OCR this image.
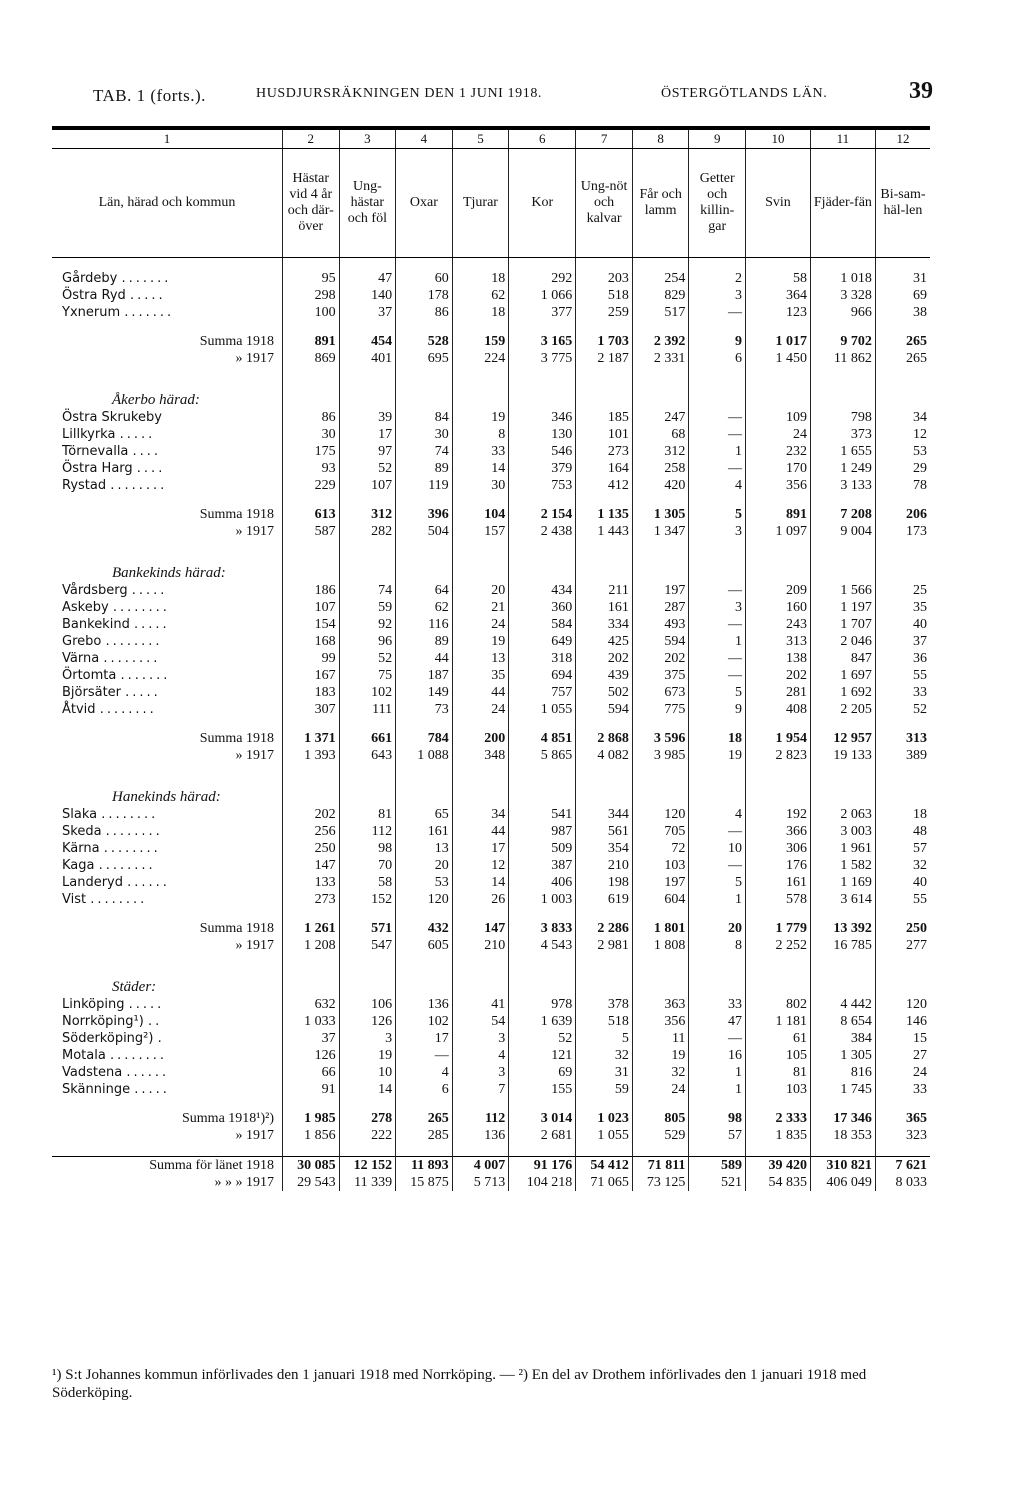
TAB. 1 (forts.).	HUSDJURSRÄKNINGEN DEN 1 JUNI 1918.	ÖSTERGÖTLANDS LÄN.	39
1	2	3	4	5	6	7	8	9	10	11	12
Län, härad och kommun	Hästar vid 4 år och där-över	Ung-hästar och föl	Oxar	Tjurar	Kor	Ung-nöt och kalvar	Får och lamm	Getter och killin-gar	Svin	Fjäder-fän	Bi-sam-häl-len

Gårdeby .......	95	47	60	18	292	203	254	2	58	1 018	31
Östra Ryd .....	298	140	178	62	1 066	518	829	3	364	3 328	69
Yxnerum .......	100	37	86	18	377	259	517	—	123	966	38

Summa 1918	891	454	528	159	3 165	1 703	2 392	9	1 017	9 702	265
» 1917	869	401	695	224	3 775	2 187	2 331	6	1 450	11 862	265
Åkerbo härad:											
Östra Skrukeby	86	39	84	19	346	185	247	—	109	798	34
Lillkyrka .....	30	17	30	8	130	101	68	—	24	373	12
Törnevalla ....	175	97	74	33	546	273	312	1	232	1 655	53
Östra Harg ....	93	52	89	14	379	164	258	—	170	1 249	29
Rystad ........	229	107	119	30	753	412	420	4	356	3 133	78

Summa 1918	613	312	396	104	2 154	1 135	1 305	5	891	7 208	206
» 1917	587	282	504	157	2 438	1 443	1 347	3	1 097	9 004	173
Bankekinds härad:											
Vårdsberg .....	186	74	64	20	434	211	197	—	209	1 566	25
Askeby ........	107	59	62	21	360	161	287	3	160	1 197	35
Bankekind .....	154	92	116	24	584	334	493	—	243	1 707	40
Grebo ........	168	96	89	19	649	425	594	1	313	2 046	37
Värna ........	99	52	44	13	318	202	202	—	138	847	36
Örtomta .......	167	75	187	35	694	439	375	—	202	1 697	55
Björsäter .....	183	102	149	44	757	502	673	5	281	1 692	33
Åtvid ........	307	111	73	24	1 055	594	775	9	408	2 205	52

Summa 1918	1 371	661	784	200	4 851	2 868	3 596	18	1 954	12 957	313
» 1917	1 393	643	1 088	348	5 865	4 082	3 985	19	2 823	19 133	389
Hanekinds härad:											
Slaka ........	202	81	65	34	541	344	120	4	192	2 063	18
Skeda ........	256	112	161	44	987	561	705	—	366	3 003	48
Kärna ........	250	98	13	17	509	354	72	10	306	1 961	57
Kaga ........	147	70	20	12	387	210	103	—	176	1 582	32
Landeryd ......	133	58	53	14	406	198	197	5	161	1 169	40
Vist ........	273	152	120	26	1 003	619	604	1	578	3 614	55

Summa 1918	1 261	571	432	147	3 833	2 286	1 801	20	1 779	13 392	250
» 1917	1 208	547	605	210	4 543	2 981	1 808	8	2 252	16 785	277
Städer:											
Linköping .....	632	106	136	41	978	378	363	33	802	4 442	120
Norrköping¹) ..	1 033	126	102	54	1 639	518	356	47	1 181	8 654	146
Söderköping²) .	37	3	17	3	52	5	11	—	61	384	15
Motala ........	126	19	—	4	121	32	19	16	105	1 305	27
Vadstena ......	66	10	4	3	69	31	32	1	81	816	24
Skänninge .....	91	14	6	7	155	59	24	1	103	1 745	33

Summa 1918¹)²)	1 985	278	265	112	3 014	1 023	805	98	2 333	17 346	365
» 1917	1 856	222	285	136	2 681	1 055	529	57	1 835	18 353	323

Summa för länet 1918	30 085	12 152	11 893	4 007	91 176	54 412	71 811	589	39 420	310 821	7 621
» » » 1917	29 543	11 339	15 875	5 713	104 218	71 065	73 125	521	54 835	406 049	8 033
¹) S:t Johannes kommun införlivades den 1 januari 1918 med Norrköping. — ²) En del av Drothem införlivades den 1 januari 1918 med Söderköping.
